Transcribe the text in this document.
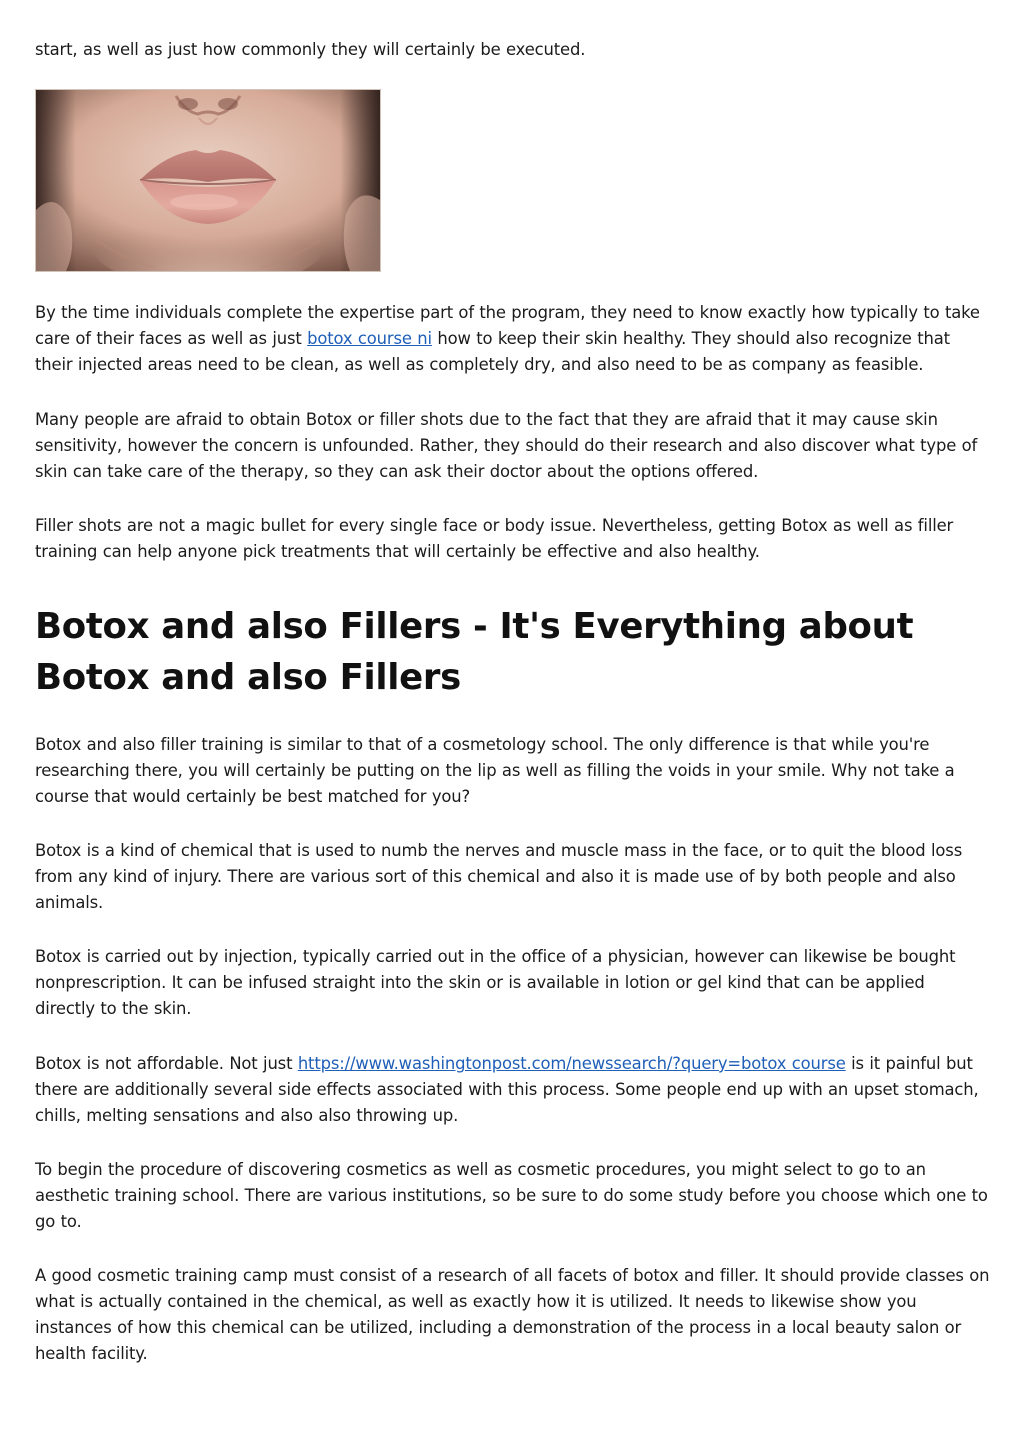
start, as well as just how commonly they will certainly be executed.

By the time individuals complete the expertise part of the program, they need to know exactly how typically to take care of their faces as well as just botox course ni how to keep their skin healthy. They should also recognize that their injected areas need to be clean, as well as completely dry, and also need to be as company as feasible.

Many people are afraid to obtain Botox or filler shots due to the fact that they are afraid that it may cause skin sensitivity, however the concern is unfounded. Rather, they should do their research and also discover what type of skin can take care of the therapy, so they can ask their doctor about the options offered.

Filler shots are not a magic bullet for every single face or body issue. Nevertheless, getting Botox as well as filler training can help anyone pick treatments that will certainly be effective and also healthy.

Botox and also Fillers - It's Everything about Botox and also Fillers

Botox and also filler training is similar to that of a cosmetology school. The only difference is that while you're researching there, you will certainly be putting on the lip as well as filling the voids in your smile. Why not take a course that would certainly be best matched for you?

Botox is a kind of chemical that is used to numb the nerves and muscle mass in the face, or to quit the blood loss from any kind of injury. There are various sort of this chemical and also it is made use of by both people and also animals.

Botox is carried out by injection, typically carried out in the office of a physician, however can likewise be bought nonprescription. It can be infused straight into the skin or is available in lotion or gel kind that can be applied directly to the skin.

Botox is not affordable. Not just https://www.washingtonpost.com/newssearch/?query=botox course is it painful but there are additionally several side effects associated with this process. Some people end up with an upset stomach, chills, melting sensations and also also throwing up.

To begin the procedure of discovering cosmetics as well as cosmetic procedures, you might select to go to an aesthetic training school. There are various institutions, so be sure to do some study before you choose which one to go to.

A good cosmetic training camp must consist of a research of all facets of botox and filler. It should provide classes on what is actually contained in the chemical, as well as exactly how it is utilized. It needs to likewise show you instances of how this chemical can be utilized, including a demonstration of the process in a local beauty salon or health facility.
